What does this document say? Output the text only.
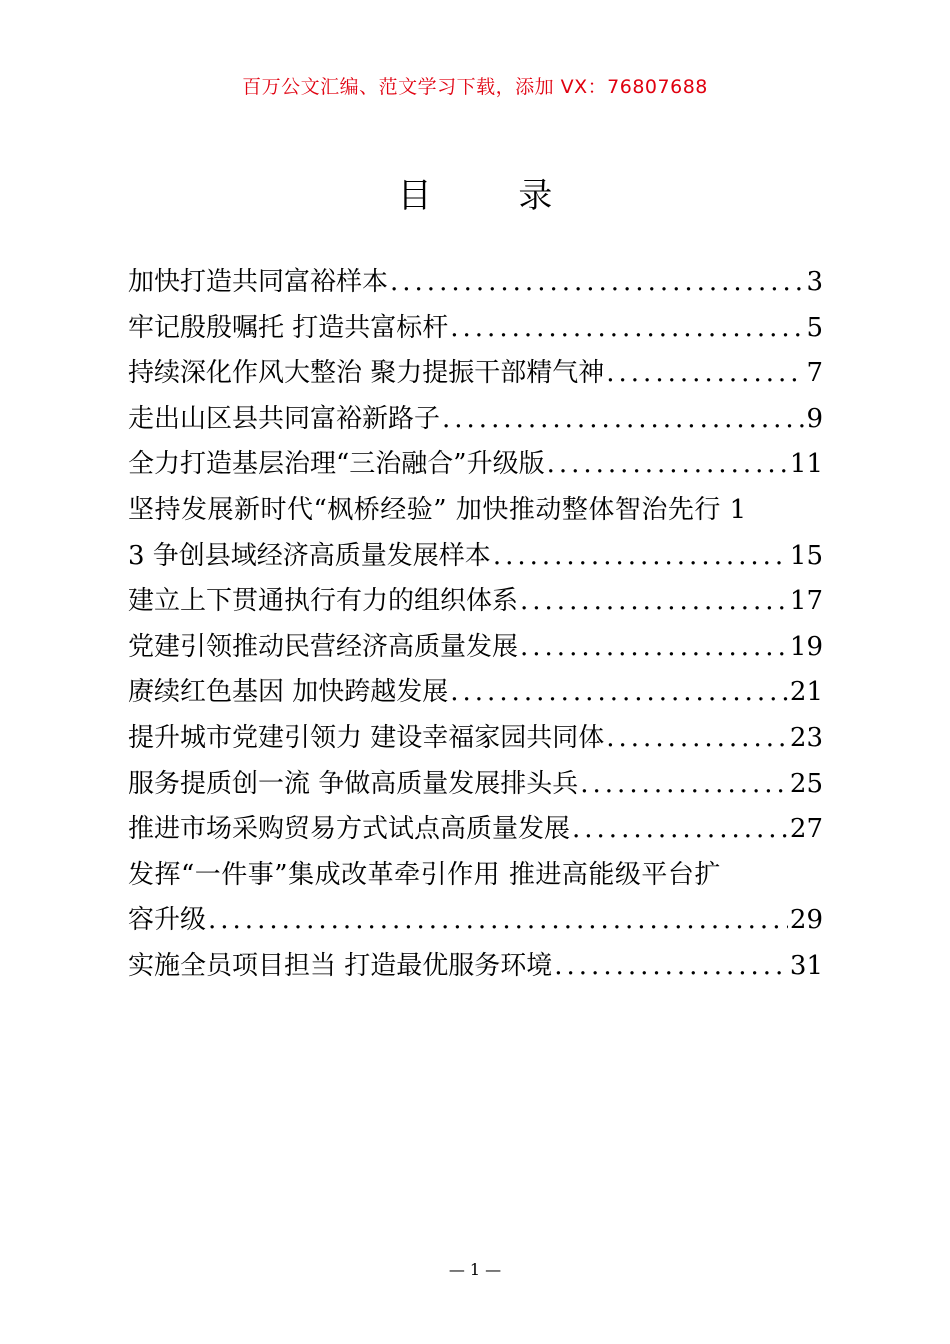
百万公文汇编、范文学习下载，添加 VX：76807688
目 录
加快打造共同富裕样本 .....	3
牢记殷殷嘱托 打造共富标杆 .....	5
持续深化作风大整治 聚力提振干部精气神 .....	7
走出山区县共同富裕新路子 .....	9
全力打造基层治理“三治融合”升级版 .....	11
坚持发展新时代“枫桥经验” 加快推动整体智治先行 1
3 争创县域经济高质量发展样本 .....	15
建立上下贯通执行有力的组织体系 .....	17
党建引领推动民营经济高质量发展 .....	19
赓续红色基因 加快跨越发展 .....	21
提升城市党建引领力 建设幸福家园共同体 .....	23
服务提质创一流 争做高质量发展排头兵 .....	25
推进市场采购贸易方式试点高质量发展 .....	27
发挥“一件事”集成改革牵引作用 推进高能级平台扩
容升级 .....	29
实施全员项目担当 打造最优服务环境 .....	31
— 1 —
